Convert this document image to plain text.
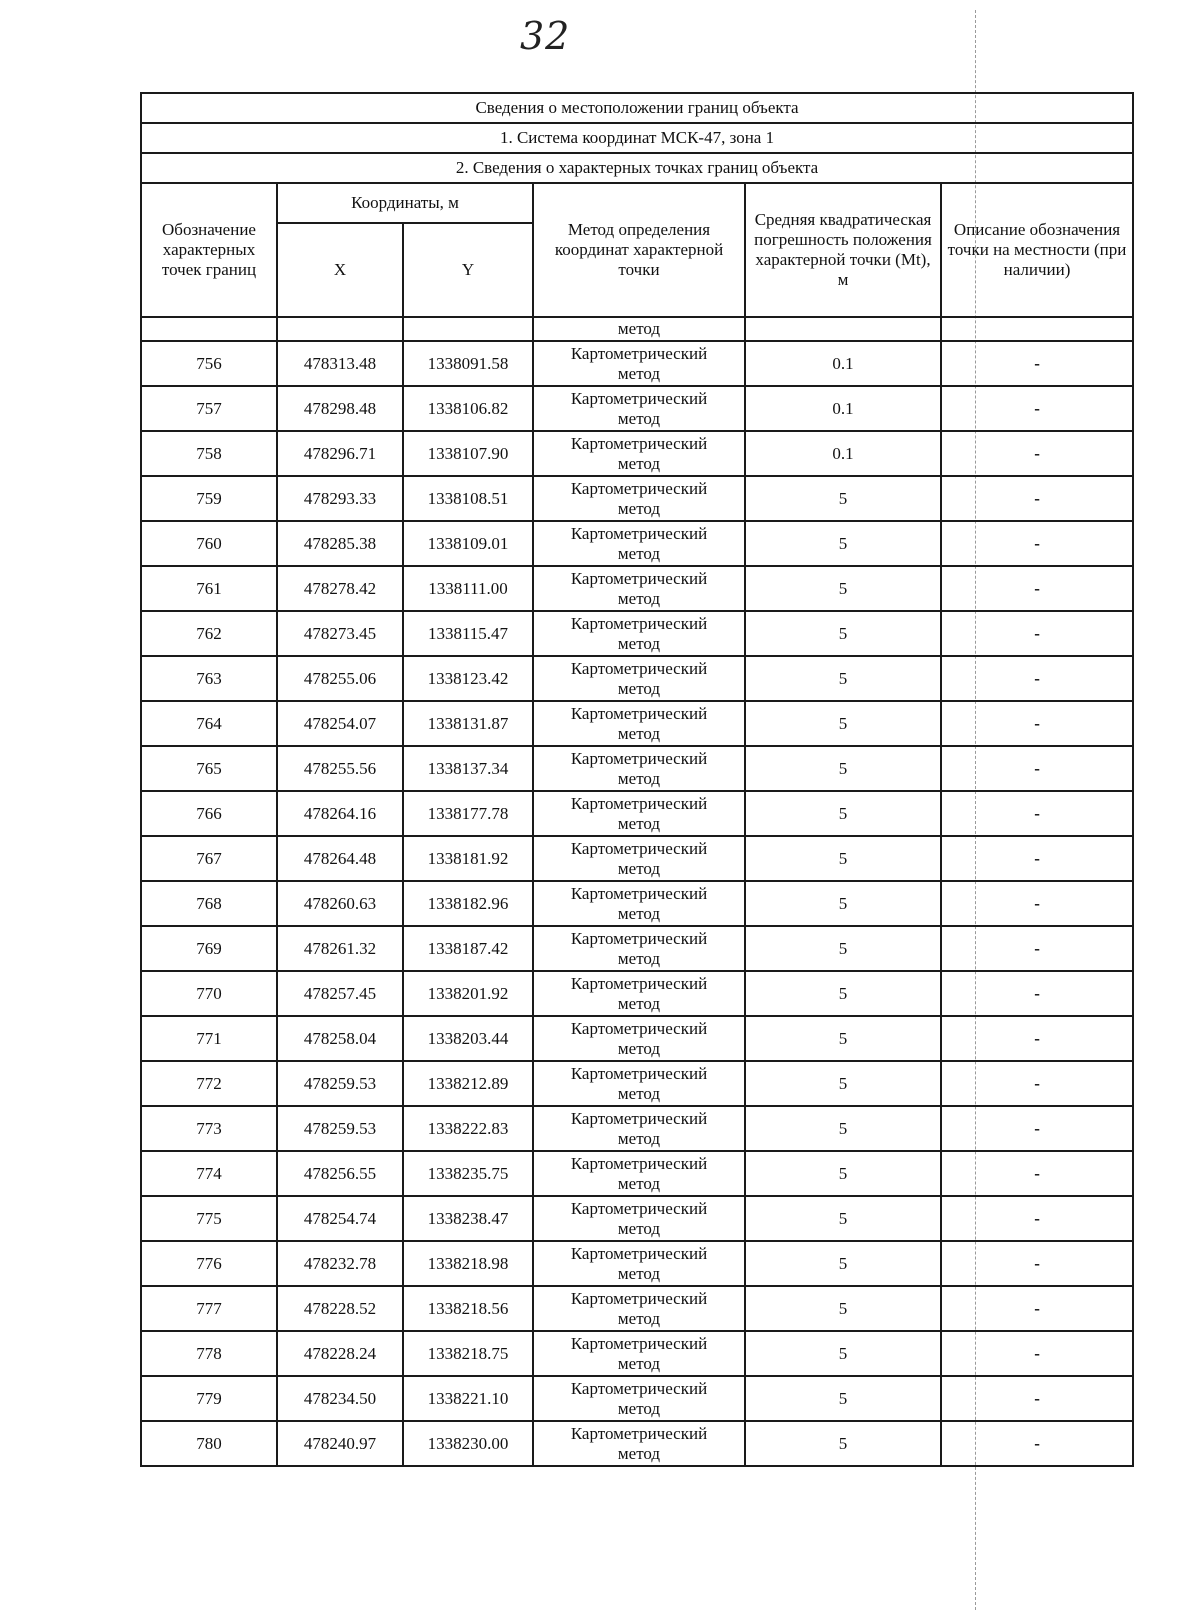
32
Сведения о местоположении границ объекта					
1. Система координат МСК-47, зона 1					
2. Сведения о характерных точках границ объекта					
Обозначение характерных точек границ	Координаты, м		Метод определения координат характерной точки	Средняя квадратическая погрешность положения характерной точки (Mt), м	Описание обозначения точки на местности (при наличии)
	X	Y			
			метод		
756	478313.48	1338091.58	Картометрический
метод	0.1	-
757	478298.48	1338106.82	Картометрический
метод	0.1	-
758	478296.71	1338107.90	Картометрический
метод	0.1	-
759	478293.33	1338108.51	Картометрический
метод	5	-
760	478285.38	1338109.01	Картометрический
метод	5	-
761	478278.42	1338111.00	Картометрический
метод	5	-
762	478273.45	1338115.47	Картометрический
метод	5	-
763	478255.06	1338123.42	Картометрический
метод	5	-
764	478254.07	1338131.87	Картометрический
метод	5	-
765	478255.56	1338137.34	Картометрический
метод	5	-
766	478264.16	1338177.78	Картометрический
метод	5	-
767	478264.48	1338181.92	Картометрический
метод	5	-
768	478260.63	1338182.96	Картометрический
метод	5	-
769	478261.32	1338187.42	Картометрический
метод	5	-
770	478257.45	1338201.92	Картометрический
метод	5	-
771	478258.04	1338203.44	Картометрический
метод	5	-
772	478259.53	1338212.89	Картометрический
метод	5	-
773	478259.53	1338222.83	Картометрический
метод	5	-
774	478256.55	1338235.75	Картометрический
метод	5	-
775	478254.74	1338238.47	Картометрический
метод	5	-
776	478232.78	1338218.98	Картометрический
метод	5	-
777	478228.52	1338218.56	Картометрический
метод	5	-
778	478228.24	1338218.75	Картометрический
метод	5	-
779	478234.50	1338221.10	Картометрический
метод	5	-
780	478240.97	1338230.00	Картометрический
метод	5	-
